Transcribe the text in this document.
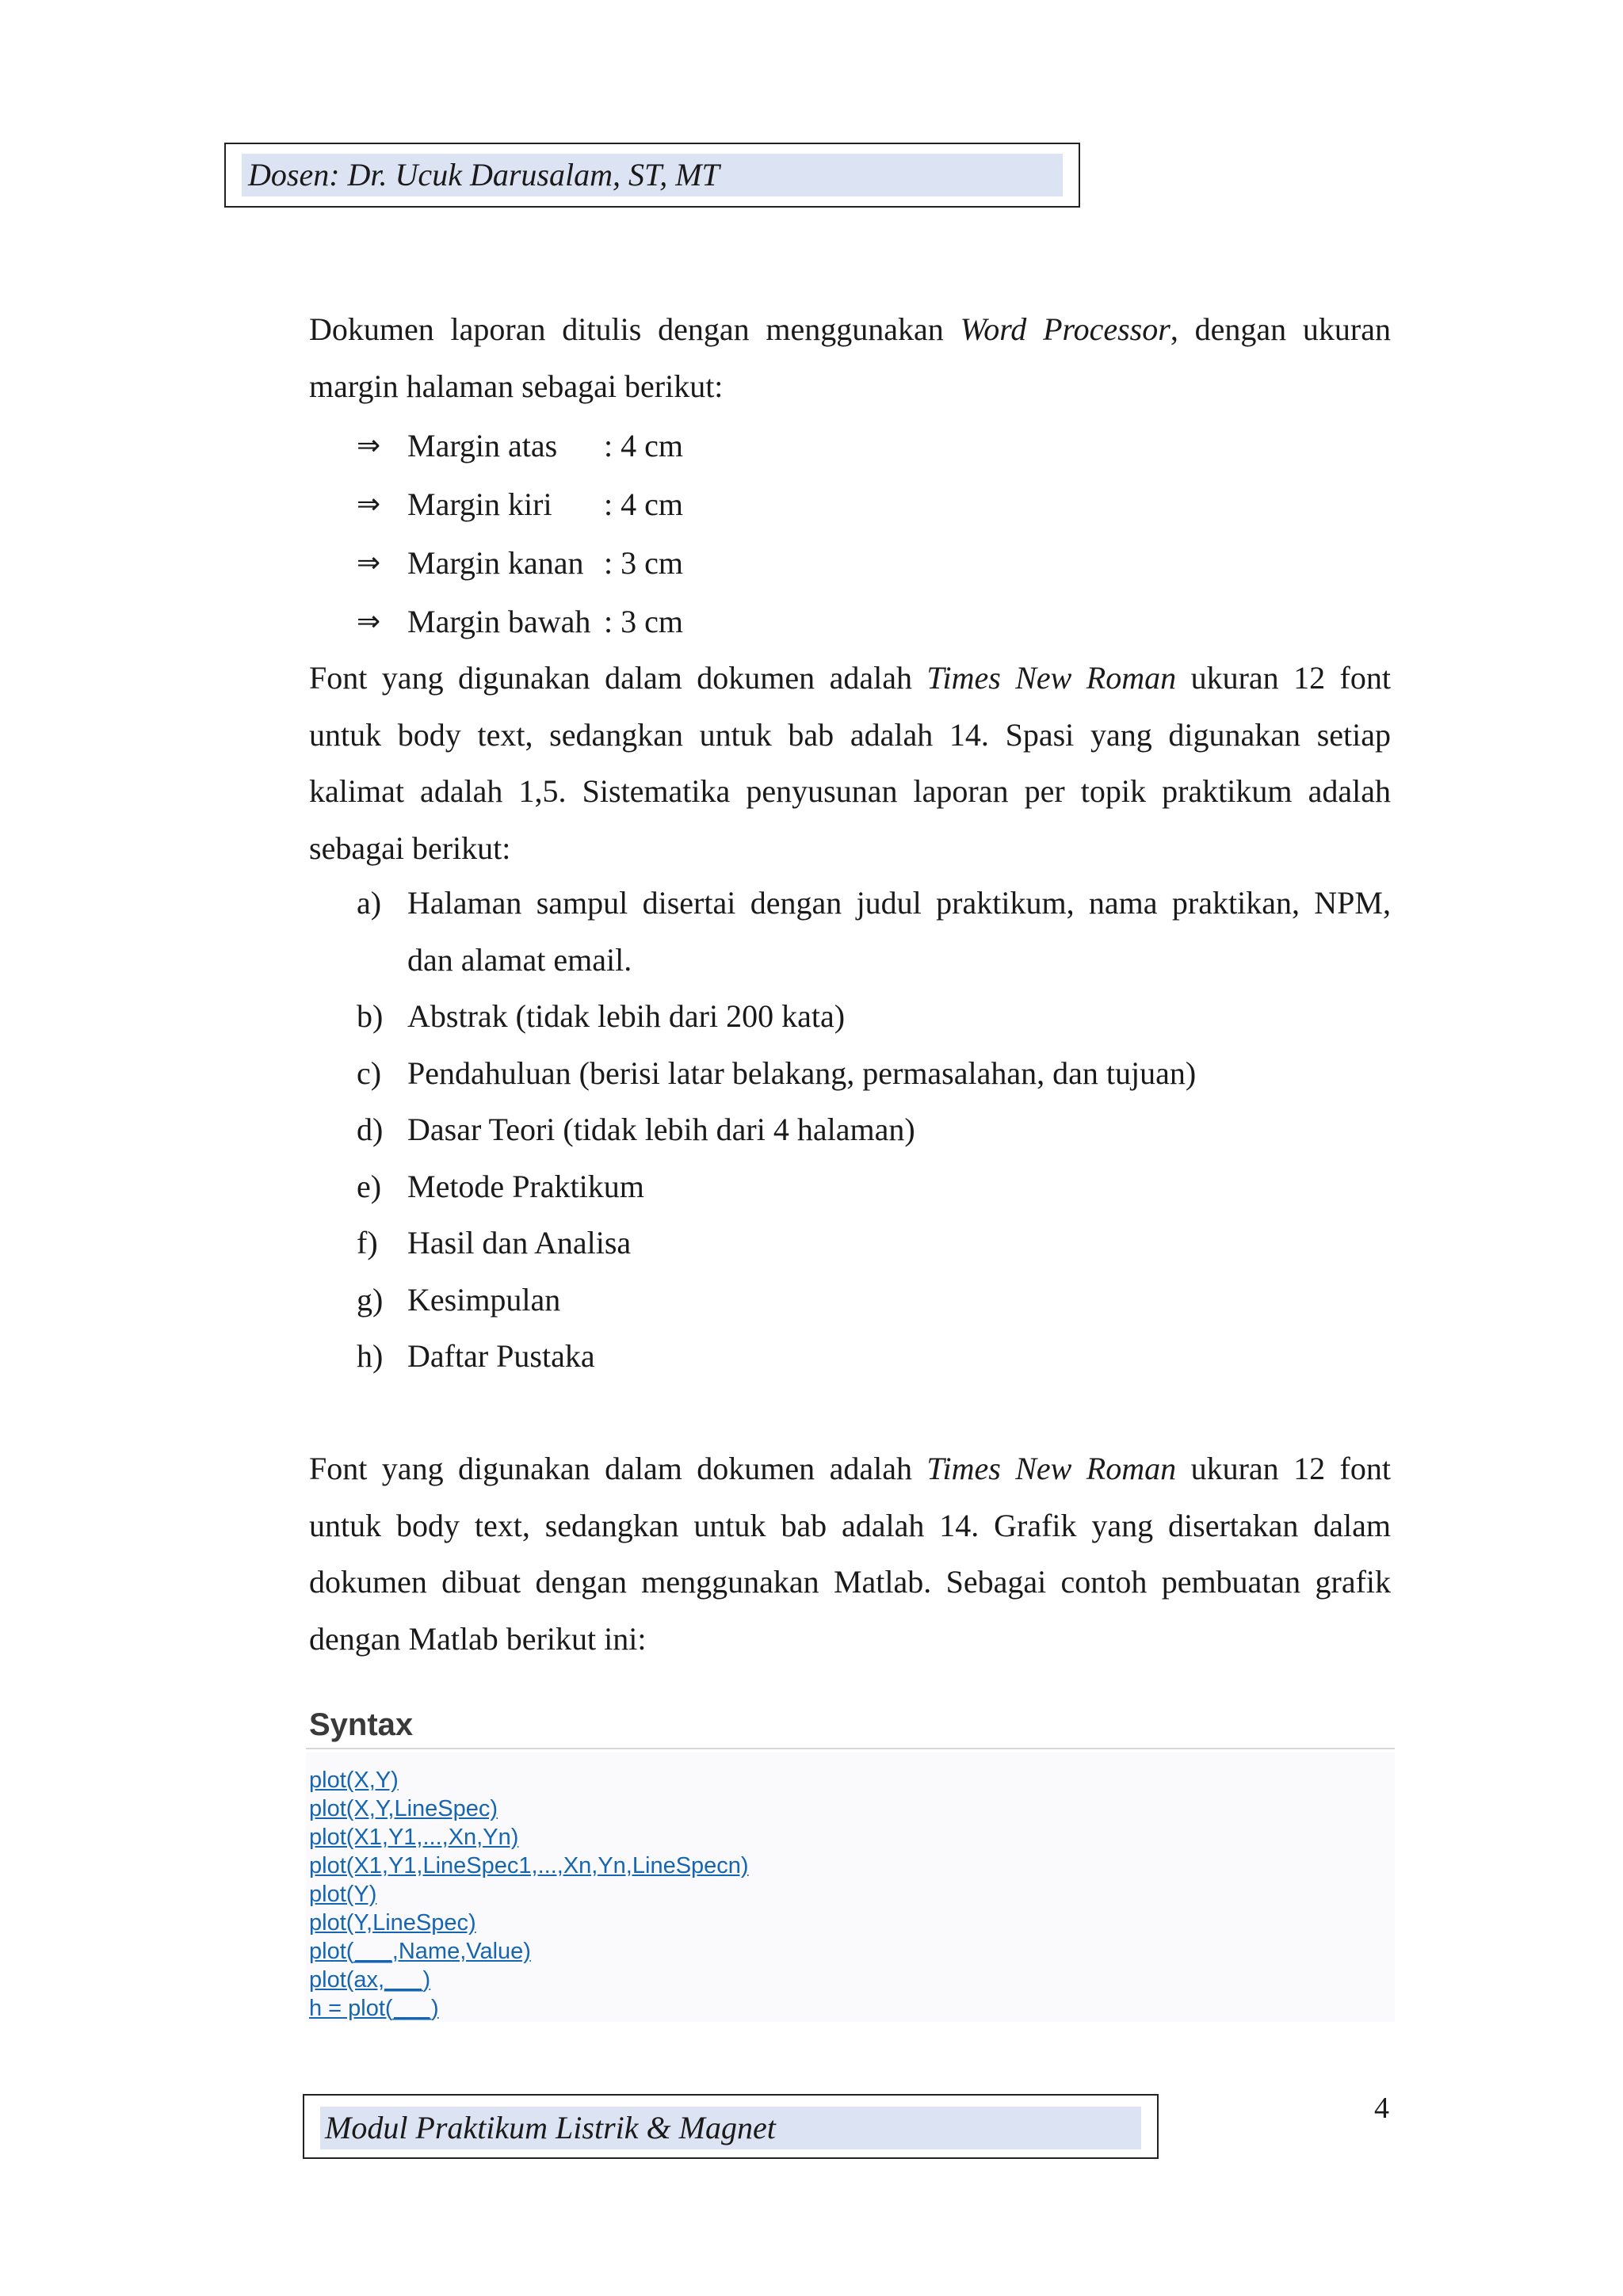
Dosen: Dr. Ucuk Darusalam, ST, MT

Dokumen laporan ditulis dengan menggunakan Word Processor, dengan ukuran margin halaman sebagai berikut:

⇒ Margin atas : 4 cm
⇒ Margin kiri : 4 cm
⇒ Margin kanan : 3 cm
⇒ Margin bawah : 3 cm

Font yang digunakan dalam dokumen adalah Times New Roman ukuran 12 font untuk body text, sedangkan untuk bab adalah 14. Spasi yang digunakan setiap kalimat adalah 1,5. Sistematika penyusunan laporan per topik praktikum adalah sebagai berikut:

a) Halaman sampul disertai dengan judul praktikum, nama praktikan, NPM, dan alamat email.
b) Abstrak (tidak lebih dari 200 kata)
c) Pendahuluan (berisi latar belakang, permasalahan, dan tujuan)
d) Dasar Teori (tidak lebih dari 4 halaman)
e) Metode Praktikum
f) Hasil dan Analisa
g) Kesimpulan
h) Daftar Pustaka

Font yang digunakan dalam dokumen adalah Times New Roman ukuran 12 font untuk body text, sedangkan untuk bab adalah 14. Grafik yang disertakan dalam dokumen dibuat dengan menggunakan Matlab. Sebagai contoh pembuatan grafik dengan Matlab berikut ini:

Syntax
plot(X,Y)
plot(X,Y,LineSpec)
plot(X1,Y1,...,Xn,Yn)
plot(X1,Y1,LineSpec1,...,Xn,Yn,LineSpecn)
plot(Y)
plot(Y,LineSpec)
plot(___,Name,Value)
plot(ax,___)
h = plot(___)
4
Modul Praktikum Listrik & Magnet
